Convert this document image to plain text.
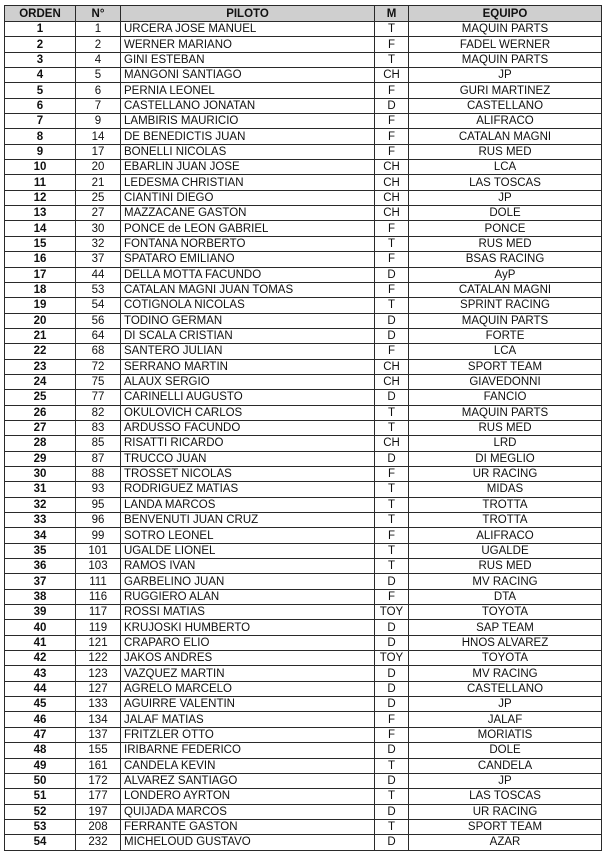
ORDEN	N°	PILOTO	M	EQUIPO
1	1	URCERA JOSE MANUEL	T	MAQUIN PARTS
2	2	WERNER MARIANO	F	FADEL WERNER
3	4	GINI ESTEBAN	T	MAQUIN PARTS
4	5	MANGONI SANTIAGO	CH	JP
5	6	PERNIA LEONEL	F	GURI MARTINEZ
6	7	CASTELLANO JONATAN	D	CASTELLANO
7	9	LAMBIRIS MAURICIO	F	ALIFRACO
8	14	DE BENEDICTIS JUAN	F	CATALAN MAGNI
9	17	BONELLI NICOLAS	F	RUS MED
10	20	EBARLIN JUAN JOSE	CH	LCA
11	21	LEDESMA CHRISTIAN	CH	LAS TOSCAS
12	25	CIANTINI DIEGO	CH	JP
13	27	MAZZACANE GASTON	CH	DOLE
14	30	PONCE de LEON GABRIEL	F	PONCE
15	32	FONTANA NORBERTO	T	RUS MED
16	37	SPATARO EMILIANO	F	BSAS RACING
17	44	DELLA MOTTA FACUNDO	D	AyP
18	53	CATALAN MAGNI JUAN TOMAS	F	CATALAN MAGNI
19	54	COTIGNOLA NICOLAS	T	SPRINT RACING
20	56	TODINO GERMAN	D	MAQUIN PARTS
21	64	DI SCALA CRISTIAN	D	FORTE
22	68	SANTERO JULIAN	F	LCA
23	72	SERRANO MARTIN	CH	SPORT TEAM
24	75	ALAUX SERGIO	CH	GIAVEDONNI
25	77	CARINELLI AUGUSTO	D	FANCIO
26	82	OKULOVICH CARLOS	T	MAQUIN PARTS
27	83	ARDUSSO FACUNDO	T	RUS MED
28	85	RISATTI RICARDO	CH	LRD
29	87	TRUCCO JUAN	D	DI MEGLIO
30	88	TROSSET NICOLAS	F	UR RACING
31	93	RODRIGUEZ MATIAS	T	MIDAS
32	95	LANDA MARCOS	T	TROTTA
33	96	BENVENUTI JUAN CRUZ	T	TROTTA
34	99	SOTRO LEONEL	F	ALIFRACO
35	101	UGALDE LIONEL	T	UGALDE
36	103	RAMOS IVAN	T	RUS MED
37	111	GARBELINO JUAN	D	MV RACING
38	116	RUGGIERO ALAN	F	DTA
39	117	ROSSI MATIAS	TOY	TOYOTA
40	119	KRUJOSKI HUMBERTO	D	SAP TEAM
41	121	CRAPARO ELIO	D	HNOS ALVAREZ
42	122	JAKOS ANDRES	TOY	TOYOTA
43	123	VAZQUEZ MARTIN	D	MV RACING
44	127	AGRELO MARCELO	D	CASTELLANO
45	133	AGUIRRE VALENTIN	D	JP
46	134	JALAF MATIAS	F	JALAF
47	137	FRITZLER OTTO	F	MORIATIS
48	155	IRIBARNE FEDERICO	D	DOLE
49	161	CANDELA KEVIN	T	CANDELA
50	172	ALVAREZ SANTIAGO	D	JP
51	177	LONDERO AYRTON	T	LAS TOSCAS
52	197	QUIJADA MARCOS	D	UR RACING
53	208	FERRANTE GASTON	T	SPORT TEAM
54	232	MICHELOUD GUSTAVO	D	AZAR
